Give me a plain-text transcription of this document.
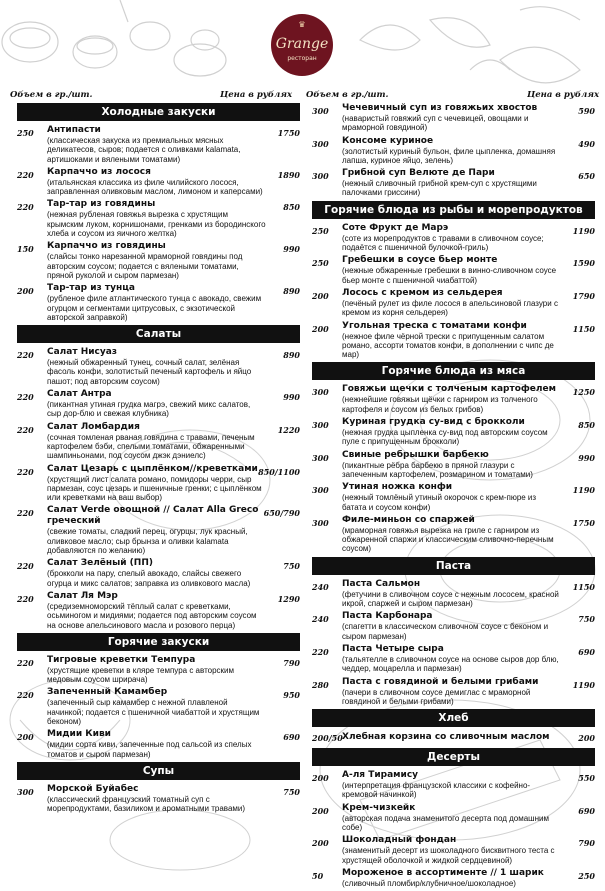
♛
Grange
ресторан
Объем в гр./шт.	Цена в рублях Объем в гр./шт.	Цена в рублях
Холодные закуски
250	Антипасти	1750
(классическая закуска из премиальных мясных деликатесов, сыров; подается с оливками kalamata, артишоками и вялеными томатами)
220	Карпаччо из лосося	1890
(итальянская классика из филе чилийского лосося, заправленная оливковым маслом, лимоном и каперсами)
220	Тар-тар из говядины	850
(нежная рубленая говяжья вырезка с хрустящим крымским луком, корнишонами, гренками из бородинского хлеба и соусом из яичного желтка)
150	Карпаччо из говядины	990
(слайсы тонко нарезанной мраморной говядины под авторским соусом; подается с вялеными томатами, пряной руколой и сыром пармезан)
200	Тар-тар из тунца	890
(рубленое филе атлантического тунца с авокадо, свежим огурцом и сегментами цитрусовых, с экзотической авторской заправкой)
Салаты
220	Салат Нисуаз	890
(нежный обжаренный тунец, сочный салат, зелёная фасоль конфи, золотистый печеный картофель и яйцо пашот; под авторским соусом)
220	Салат Антра	990
(пикантная утиная грудка магрэ, свежий микс салатов, сыр дор-блю и свежая клубника)
220	Салат Ломбардия	1220
(сочная томленая рваная говядина с травами, печеным картофелем бэби, спелыми томатами, обжаренными шампиньонами, под соусом джэк дэниелс)
220	Салат Цезарь с цыплёнком//креветками 850/1100
(хрустящий лист салата романо, помидоры черри, сыр пармезан, соус цезарь и пшеничные гренки; с цыплёнком или креветками на ваш выбор)
220	Салат Verde овощной // Салат Alla Greco греческий
650/790
(свежие томаты, сладкий перец, огурцы, лук красный, оливковое масло; сыр брынза и оливки kalamata добавляются по желанию)
220	Салат Зелёный (ПП)	750
(брокколи на пару, спелый авокадо, слайсы свежего огурца и микс салатов; заправка из оливкового масла)
220	Салат Ля Мэр	1290
(средиземноморский тёплый салат с креветками, осьминогом и мидиями; подается под авторским соусом на основе апельсинового масла и розового перца)
Горячие закуски
220	Тигровые креветки Темпура	790
(хрустящие креветки в кляре темпура с авторским медовым соусом шрирача)
220	Запеченный Камамбер	950
(запеченный сыр камамбер с нежной плавленой начинкой; подается с пшеничной чиабаттой и хрустящим беконом)
200	Мидии Киви	690
(мидии сорта киви, запеченные под сальсой из спелых томатов и сыром пармезан)
Супы
300	Морской Буйабес	750
(классический французский томатный суп с морепродуктами, базиликом и ароматными травами)
300	Чечевичный суп из говяжьих хвостов	590
(наваристый говяжий суп с чечевицей, овощами и мраморной говядиной)
300	Консоме куриное	490
(золотистый куриный бульон, филе цыпленка, домашняя лапша, куриное яйцо, зелень)
300	Грибной суп Велюте де Пари	650
(нежный сливочный грибной крем-суп с хрустящими палочками гриссини)
Горячие блюда из рыбы и морепродуктов
250	Соте Фрукт де Марэ	1190
(соте из морепродуктов с травами в сливочном соусе; подаётся с пшеничной булочкой-гриль)
250	Гребешки в соусе бьер монте	1590
(нежные обжаренные гребешки в винно-сливочном соусе бьер монте с пшеничной чиабаттой)
200	Лосось с кремом из сельдерея	1790
(печёный рулет из филе лосося в апельсиновой глазури с кремом из корня сельдерея)
200	Угольная треска с томатами конфи	1150
(нежное филе чёрной трески с припущенным салатом романо, ассорти томатов конфи, в дополнении с чипс де мар)
Горячие блюда из мяса
300	Говяжьи щечки с толченым картофелем	1250
(нежнейшие говяжьи щёчки с гарниром из толченого картофеля и соусом из белых грибов)
300	Куриная грудка су-вид с брокколи	850
(нежная грудка цыпленка су-вид под авторским соусом пуле с припущенным брокколи)
300	Свиные ребрышки барбекю	990
(пикантные рёбра барбекю в пряной глазури с запеченным картофелем, розмарином и томатами)
300	Утиная ножка конфи	1190
(нежный томлёный утиный окорочок с крем-пюре из батата и соусом конфи)
300	Филе-миньон со спаржей	1750
(мраморная говяжья вырезка на гриле с гарниром из обжаренной спаржи и классическим сливочно-перечным соусом)
Паста
240	Паста Сальмон	1150
(фетучини в сливочном соусе с нежным лососем, красной икрой, спаржей и сыром пармезан)
240	Паста Карбонара	750
(спагетти в классическом сливочном соусе с беконом и сыром пармезан)
220	Паста Четыре сыра	690
(тальятелле в сливочном соусе на основе сыров дор блю, чеддер, моцарелла и пармезан)
280	Паста с говядиной и белыми грибами	1190
(пачери в сливочном соусе демиглас с мраморной говядиной и белыми грибами)
Хлеб
200/50 Хлебная корзина со сливочным маслом	200
Десерты
200	А-ля Тирамису	550
(интерпретация французской классики с кофейно-кремовой начинкой)
200	Крем-чизкейк	690
(авторская подача знаменитого десерта под домашним собе)
200	Шоколадный фондан	790
(знаменитый десерт из шоколадного бисквитного теста с хрустящей оболочкой и жидкой сердцевиной)
50	Мороженое в ассортименте // 1 шарик	250
(сливочный пломбир/клубничное/шоколадное)
